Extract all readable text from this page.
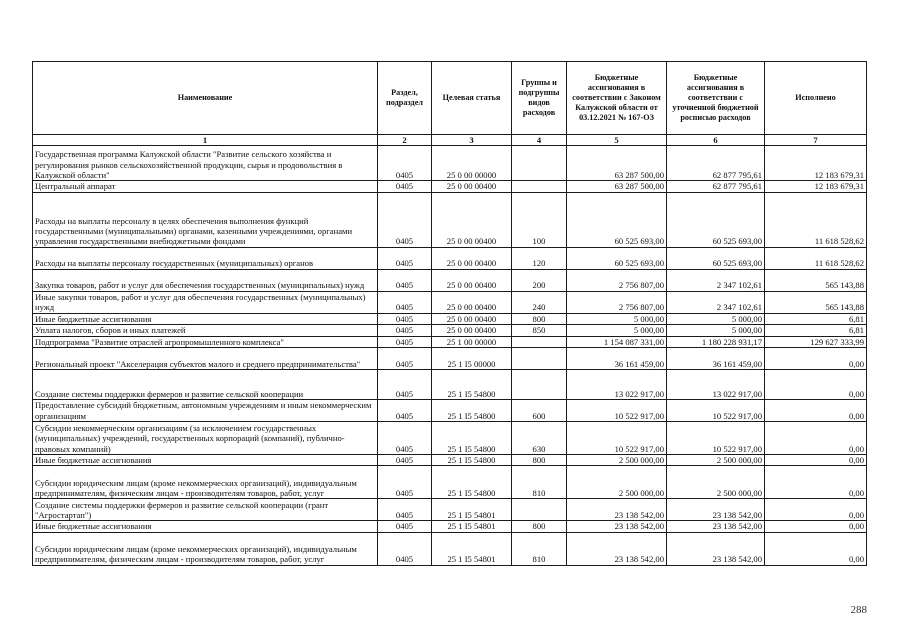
Наименование	Раздел, подраздел	Целевая статья	Группы и подгруппы видов расходов	Бюджетные ассигнования в соответствии с Законом Калужской области от 03.12.2021 № 167-ОЗ	Бюджетные ассигнования в соответствии с уточненной бюджетной росписью расходов	Исполнено
1	2	3	4	5	6	7
Государственная программа Калужской области "Развитие сельского хозяйства и регулирования рынков сельскохозяйственной продукции, сырья и продовольствия в Калужской области"	0405	25 0 00 00000		63 287 500,00	62 877 795,61	12 183 679,31
Центральный аппарат	0405	25 0 00 00400		63 287 500,00	62 877 795,61	12 183 679,31
Расходы на выплаты персоналу в целях обеспечения выполнения функций государственными (муниципальными) органами, казенными учреждениями, органами управления государственными внебюджетными фондами	0405	25 0 00 00400	100	60 525 693,00	60 525 693,00	11 618 528,62
Расходы на выплаты персоналу государственных (муниципальных) органов	0405	25 0 00 00400	120	60 525 693,00	60 525 693,00	11 618 528,62
Закупка товаров, работ и услуг для обеспечения государственных (муниципальных) нужд	0405	25 0 00 00400	200	2 756 807,00	2 347 102,61	565 143,88
Иные закупки товаров, работ и услуг для обеспечения государственных (муниципальных) нужд	0405	25 0 00 00400	240	2 756 807,00	2 347 102,61	565 143,88
Иные бюджетные ассигнования	0405	25 0 00 00400	800	5 000,00	5 000,00	6,81
Уплата налогов, сборов и иных платежей	0405	25 0 00 00400	850	5 000,00	5 000,00	6,81
Подпрограмма "Развитие отраслей агропромышленного комплекса"	0405	25 1 00 00000		1 154 087 331,00	1 180 228 931,17	129 627 333,99
Региональный проект "Акселерация субъектов малого и среднего предпринимательства"	0405	25 1 I5 00000		36 161 459,00	36 161 459,00	0,00
Создание системы поддержки фермеров и развитие сельской кооперации	0405	25 1 I5 54800		13 022 917,00	13 022 917,00	0,00
Предоставление субсидий бюджетным, автономным учреждениям и иным некоммерческим организациям	0405	25 1 I5 54800	600	10 522 917,00	10 522 917,00	0,00
Субсидии некоммерческим организациям (за исключением государственных (муниципальных) учреждений, государственных корпораций (компаний), публично-правовых компаний)	0405	25 1 I5 54800	630	10 522 917,00	10 522 917,00	0,00
Иные бюджетные ассигнования	0405	25 1 I5 54800	800	2 500 000,00	2 500 000,00	0,00
Субсидии юридическим лицам (кроме некоммерческих организаций), индивидуальным предпринимателям, физическим лицам - производителям товаров, работ, услуг	0405	25 1 I5 54800	810	2 500 000,00	2 500 000,00	0,00
Создание системы поддержки фермеров и развитие сельской кооперации (грант "Агростартап")	0405	25 1 I5 54801		23 138 542,00	23 138 542,00	0,00
Иные бюджетные ассигнования	0405	25 1 I5 54801	800	23 138 542,00	23 138 542,00	0,00
Субсидии юридическим лицам (кроме некоммерческих организаций), индивидуальным предпринимателям, физическим лицам - производителям товаров, работ, услуг	0405	25 1 I5 54801	810	23 138 542,00	23 138 542,00	0,00
288
